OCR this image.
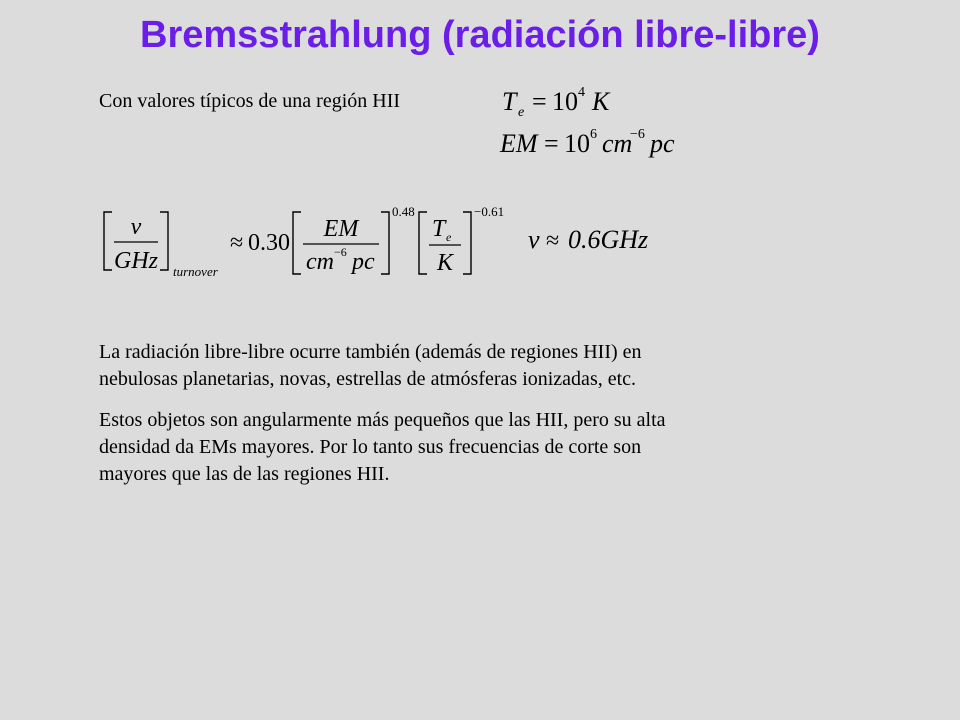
Bremsstrahlung (radiación libre-libre)
Con valores típicos de una región HII	T e = 10 4 K
EM = 10 6 cm
−6 pc
ν
GHz turnover
≈ 0.30
EM
cm −6 pc
0.48
T e
K
−0.61
ν ≈ 0.6GHz
La radiación libre-libre ocurre también (además de regiones HII) en
nebulosas planetarias, novas, estrellas de atmósferas ionizadas, etc.
Estos objetos son angularmente más pequeños que las HII, pero su alta
densidad da EMs mayores. Por lo tanto sus frecuencias de corte son
mayores que las de las regiones HII.
